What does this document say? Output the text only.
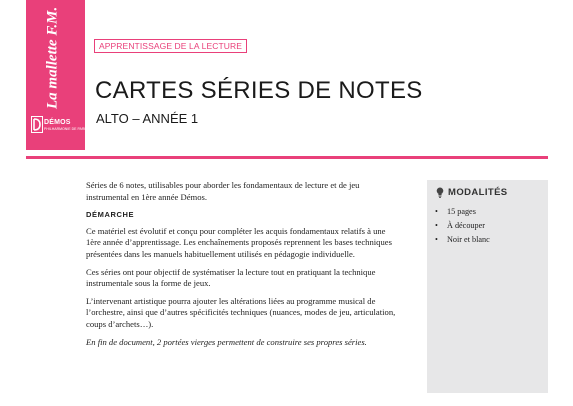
La mallette F.M.
DÉMOS
PHILHARMONIE DE PARIS
APPRENTISSAGE DE LA LECTURE
CARTES SÉRIES DE NOTES
ALTO – ANNÉE 1

Séries de 6 notes, utilisables pour aborder les fondamentaux de lecture et de jeu instrumental en 1ère année Démos.

DÉMARCHE

Ce matériel est évolutif et conçu pour compléter les acquis fondamentaux relatifs à une 1ère année d’apprentissage. Les enchaînements proposés reprennent les bases techniques présentées dans les manuels habituellement utilisés en pédagogie individuelle.

Ces séries ont pour objectif de systématiser la lecture tout en pratiquant la technique instrumentale sous la forme de jeux.

L’intervenant artistique pourra ajouter les altérations liées au programme musical de l’orchestre, ainsi que d’autres spécificités techniques (nuances, modes de jeu, articulation, coups d’archets…).

En fin de document, 2 portées vierges permettent de construire ses propres séries.

MODALITÉS
• 15 pages
• À découper
• Noir et blanc
